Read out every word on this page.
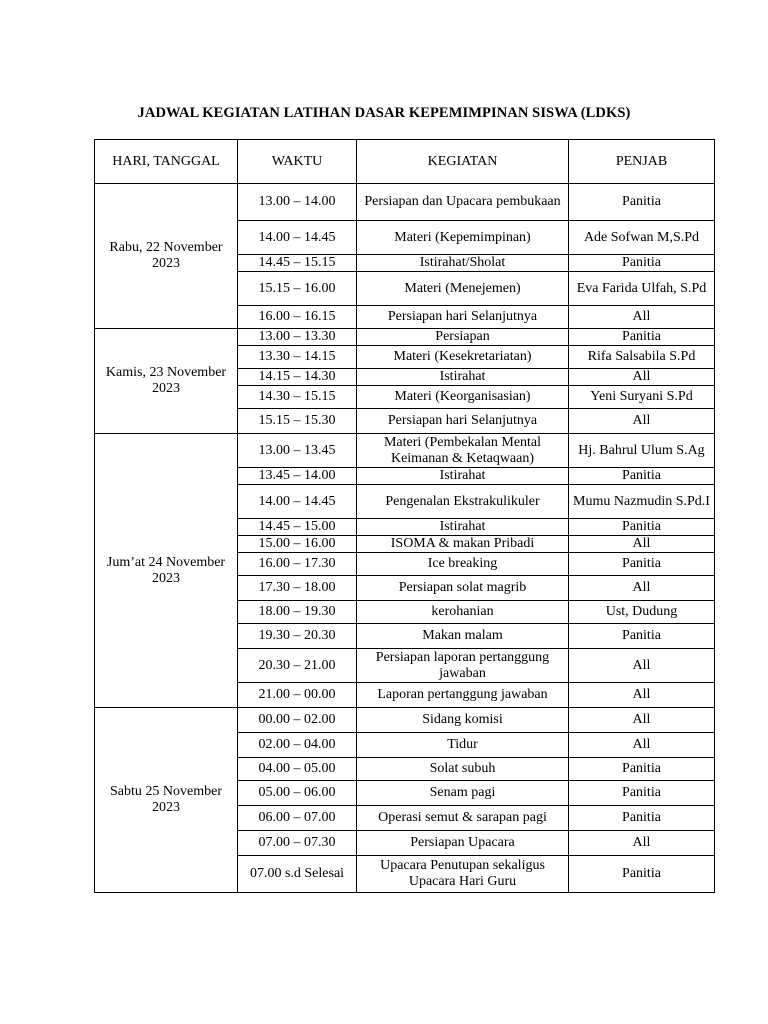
JADWAL KEGIATAN LATIHAN DASAR KEPEMIMPINAN SISWA (LDKS)
HARI, TANGGAL	WAKTU	KEGIATAN	PENJAB
Rabu, 22 November 2023	13.00 – 14.00	Persiapan dan Upacara pembukaan	Panitia
	14.00 – 14.45	Materi (Kepemimpinan)	Ade Sofwan M,S.Pd
	14.45 – 15.15	Istirahat/Sholat	Panitia
	15.15 – 16.00	Materi (Menejemen)	Eva Farida Ulfah, S.Pd
	16.00 – 16.15	Persiapan hari Selanjutnya	All
Kamis, 23 November 2023	13.00 – 13.30	Persiapan	Panitia
	13.30 – 14.15	Materi (Kesekretariatan)	Rifa Salsabila S.Pd
	14.15 – 14.30	Istirahat	All
	14.30 – 15.15	Materi (Keorganisasian)	Yeni Suryani S.Pd
	15.15 – 15.30	Persiapan hari Selanjutnya	All
Jum’at 24 November 2023	13.00 – 13.45	Materi (Pembekalan Mental Keimanan & Ketaqwaan)	Hj. Bahrul Ulum S.Ag
	13.45 – 14.00	Istirahat	Panitia
	14.00 – 14.45	Pengenalan Ekstrakulikuler	Mumu Nazmudin S.Pd.I
	14.45 – 15.00	Istirahat	Panitia
	15.00 – 16.00	ISOMA & makan Pribadi	All
	16.00 – 17.30	Ice breaking	Panitia
	17.30 – 18.00	Persiapan solat magrib	All
	18.00 – 19.30	kerohanian	Ust, Dudung
	19.30 – 20.30	Makan malam	Panitia
	20.30 – 21.00	Persiapan laporan pertanggung jawaban	All
	21.00 – 00.00	Laporan pertanggung jawaban	All
Sabtu 25 November 2023	00.00 – 02.00	Sidang komisi	All
	02.00 – 04.00	Tidur	All
	04.00 – 05.00	Solat subuh	Panitia
	05.00 – 06.00	Senam pagi	Panitia
	06.00 – 07.00	Operasi semut & sarapan pagi	Panitia
	07.00 – 07.30	Persiapan Upacara	All
	07.00 s.d Selesai	Upacara Penutupan sekaligus Upacara Hari Guru	Panitia
